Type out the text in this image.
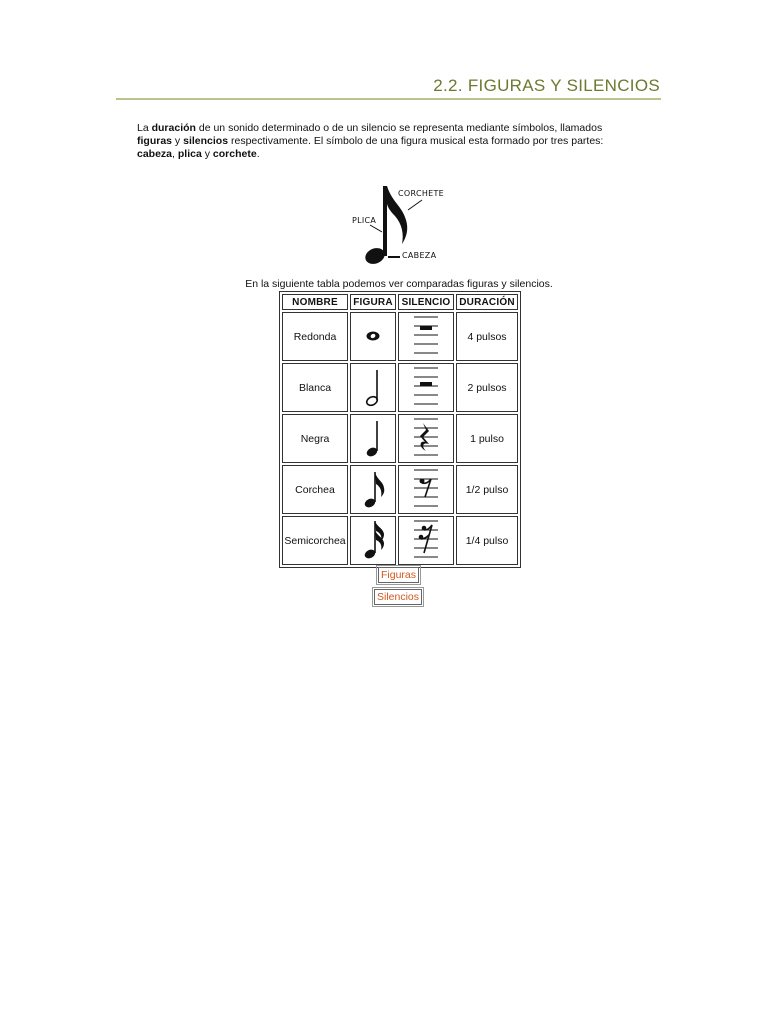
2.2. FIGURAS Y SILENCIOS
La duración de un sonido determinado o de un silencio se representa mediante símbolos, llamados figuras y silencios respectivamente. El símbolo de una figura musical esta formado por tres partes: cabeza, plica y corchete.
CORCHETE
PLICA
CABEZA
En la siguiente tabla podemos ver comparadas figuras y silencios.
NOMBRE	FIGURA	SILENCIO	DURACIÓN
Redonda			4 pulsos
Blanca			2 pulsos
Negra			1 pulso
Corchea			1/2 pulso
Semicorchea			1/4 pulso
Figuras
Silencios
